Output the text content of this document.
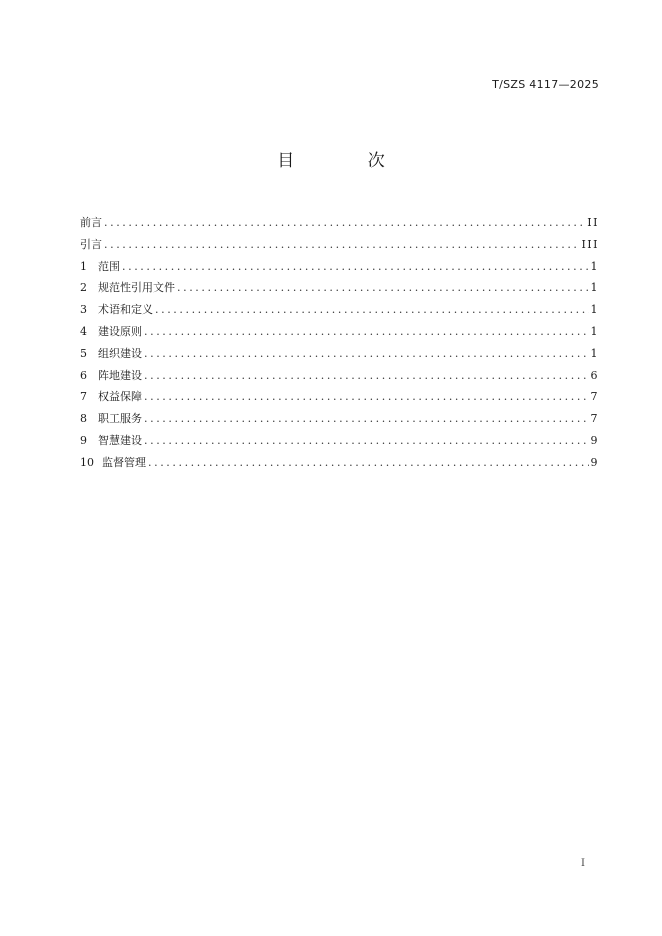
T/SZS 4117—2025
目 次
前言 .....	II
引言 .....	III
1	范围 .....	1
2	规范性引用文件 .....	1
3	术语和定义 .....	1
4	建设原则 .....	1
5	组织建设 .....	1
6	阵地建设 .....	6
7	权益保障 .....	7
8	职工服务 .....	7
9	智慧建设 .....	9
10 监督管理 .....	9
I
